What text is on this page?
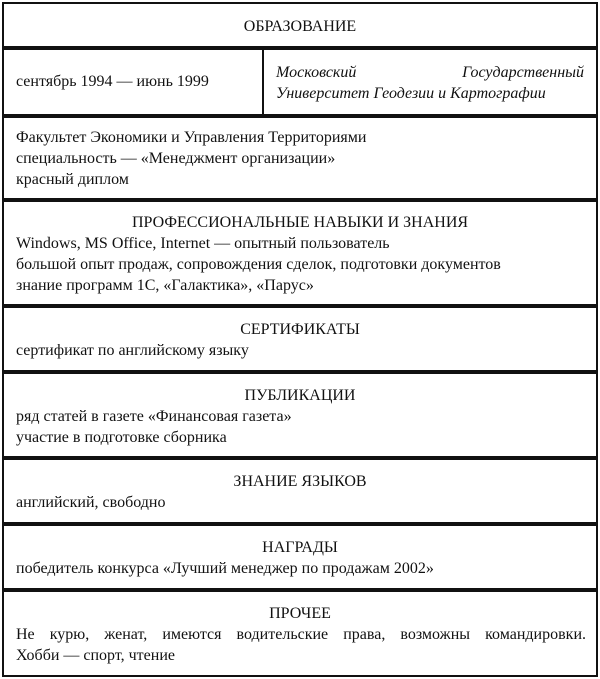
ОБРАЗОВАНИЕ
сентябрь 1994 — июнь 1999
Московский Государственный
Университет Геодезии и Картографии
Факультет Экономики и Управления Территориями
специальность — «Менеджмент организации»
красный диплом
ПРОФЕССИОНАЛЬНЫЕ НАВЫКИ И ЗНАНИЯ
Windows, MS Office, Internet — опытный пользователь
большой опыт продаж, сопровождения сделок, подготовки документов
знание программ 1С, «Галактика», «Парус»
СЕРТИФИКАТЫ
сертификат по английскому языку
ПУБЛИКАЦИИ
ряд статей в газете «Финансовая газета»
участие в подготовке сборника
ЗНАНИЕ ЯЗЫКОВ
английский, свободно
НАГРАДЫ
победитель конкурса «Лучший менеджер по продажам 2002»
ПРОЧЕЕ
Не курю, женат, имеются водительские права, возможны командировки.
Хобби — спорт, чтение
